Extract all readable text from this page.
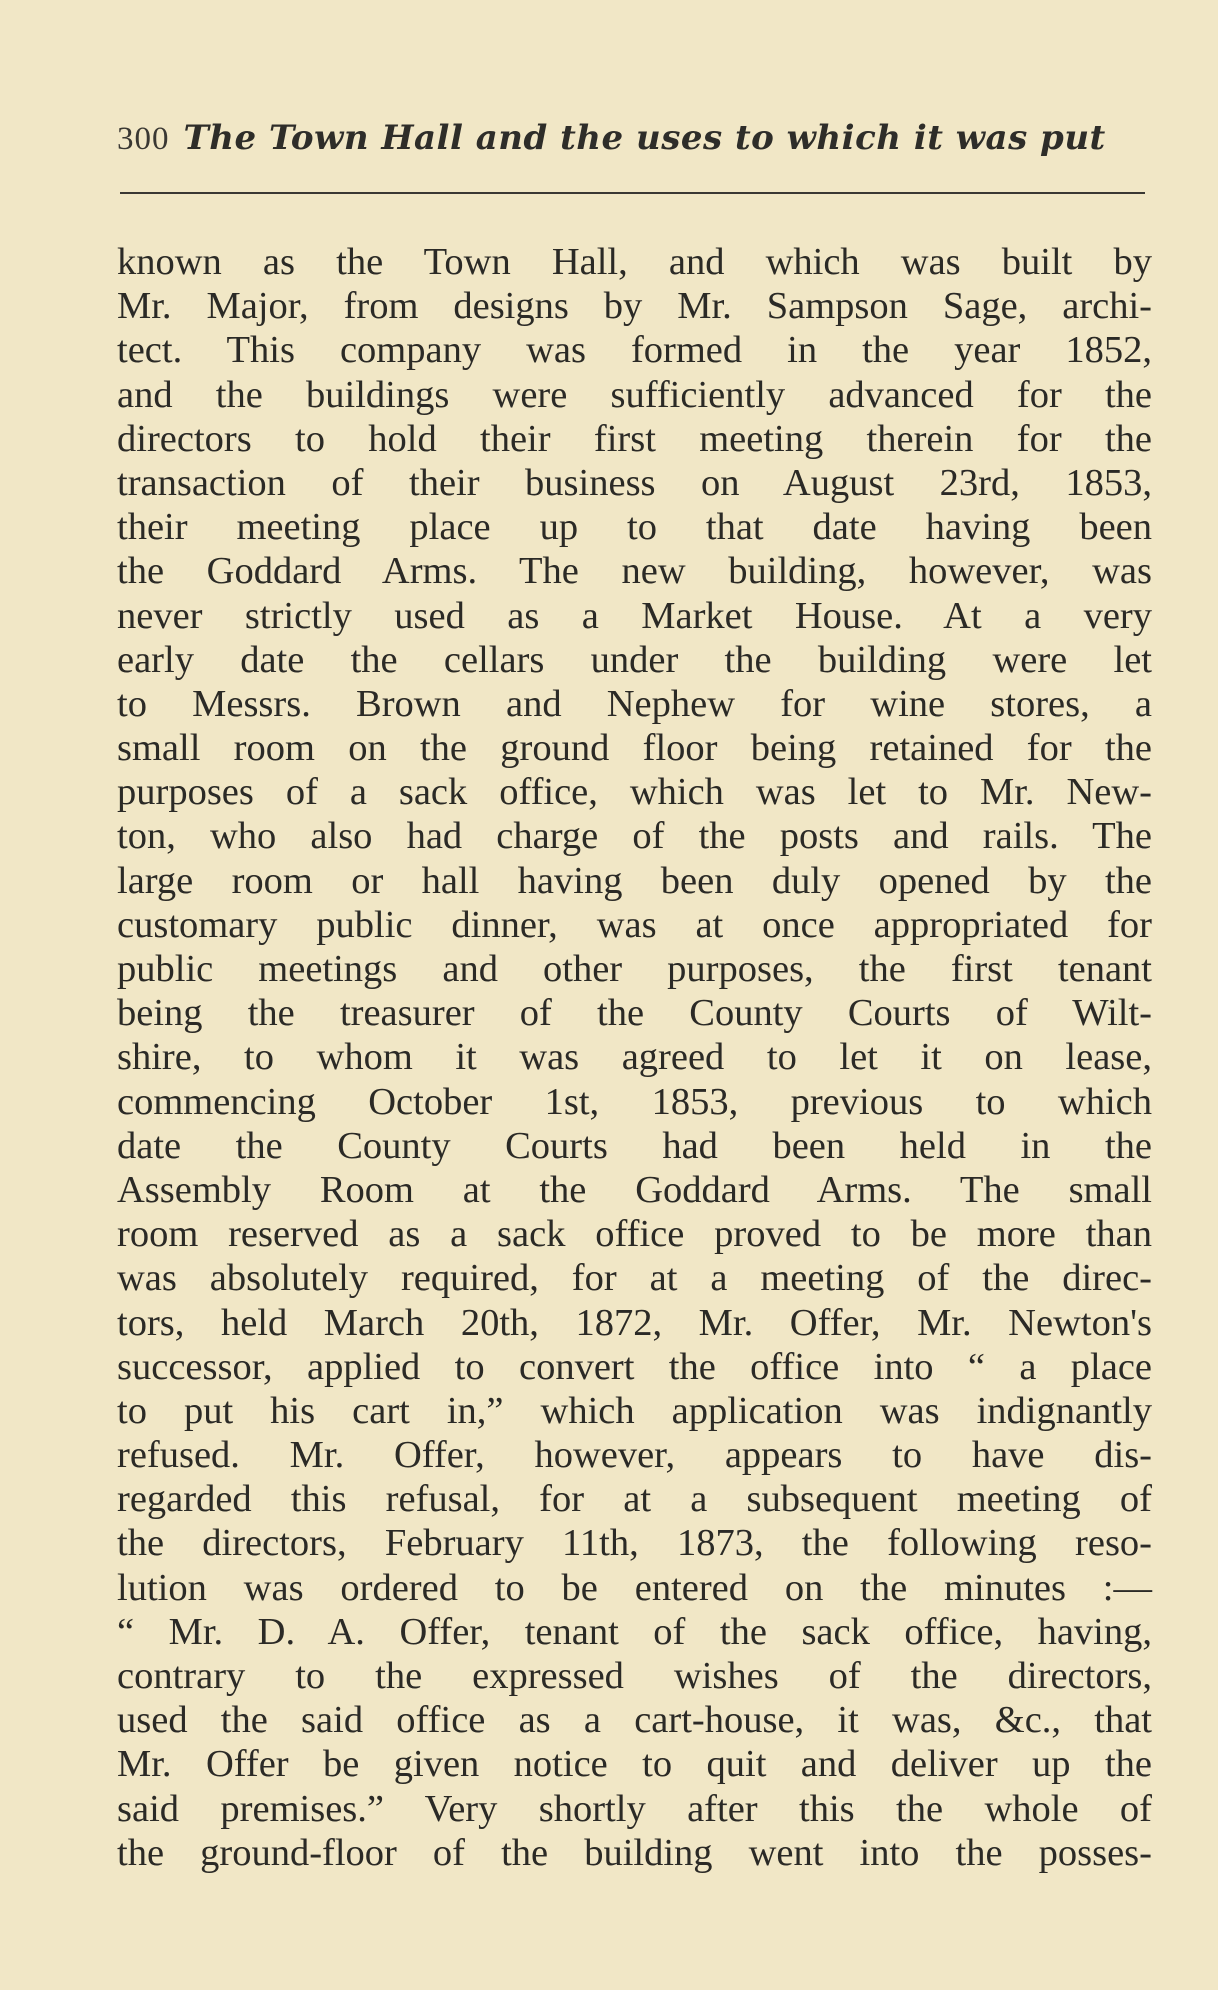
300 The Town Hall and the uses to which it was put
known as the Town Hall, and which was built by
Mr. Major, from designs by Mr. Sampson Sage, archi-
tect. This company was formed in the year 1852,
and the buildings were sufficiently advanced for the
directors to hold their first meeting therein for the
transaction of their business on August 23rd, 1853,
their meeting place up to that date having been
the Goddard Arms. The new building, however, was
never strictly used as a Market House. At a very
early date the cellars under the building were let
to Messrs. Brown and Nephew for wine stores, a
small room on the ground floor being retained for the
purposes of a sack office, which was let to Mr. New-
ton, who also had charge of the posts and rails. The
large room or hall having been duly opened by the
customary public dinner, was at once appropriated for
public meetings and other purposes, the first tenant
being the treasurer of the County Courts of Wilt-
shire, to whom it was agreed to let it on lease,
commencing October 1st, 1853, previous to which
date the County Courts had been held in the
Assembly Room at the Goddard Arms. The small
room reserved as a sack office proved to be more than
was absolutely required, for at a meeting of the direc-
tors, held March 20th, 1872, Mr. Offer, Mr. Newton's
successor, applied to convert the office into “ a place
to put his cart in,” which application was indignantly
refused. Mr. Offer, however, appears to have dis-
regarded this refusal, for at a subsequent meeting of
the directors, February 11th, 1873, the following reso-
lution was ordered to be entered on the minutes :—
“ Mr. D. A. Offer, tenant of the sack office, having,
contrary to the expressed wishes of the directors,
used the said office as a cart-house, it was, &c., that
Mr. Offer be given notice to quit and deliver up the
said premises.” Very shortly after this the whole of
the ground-floor of the building went into the posses-
